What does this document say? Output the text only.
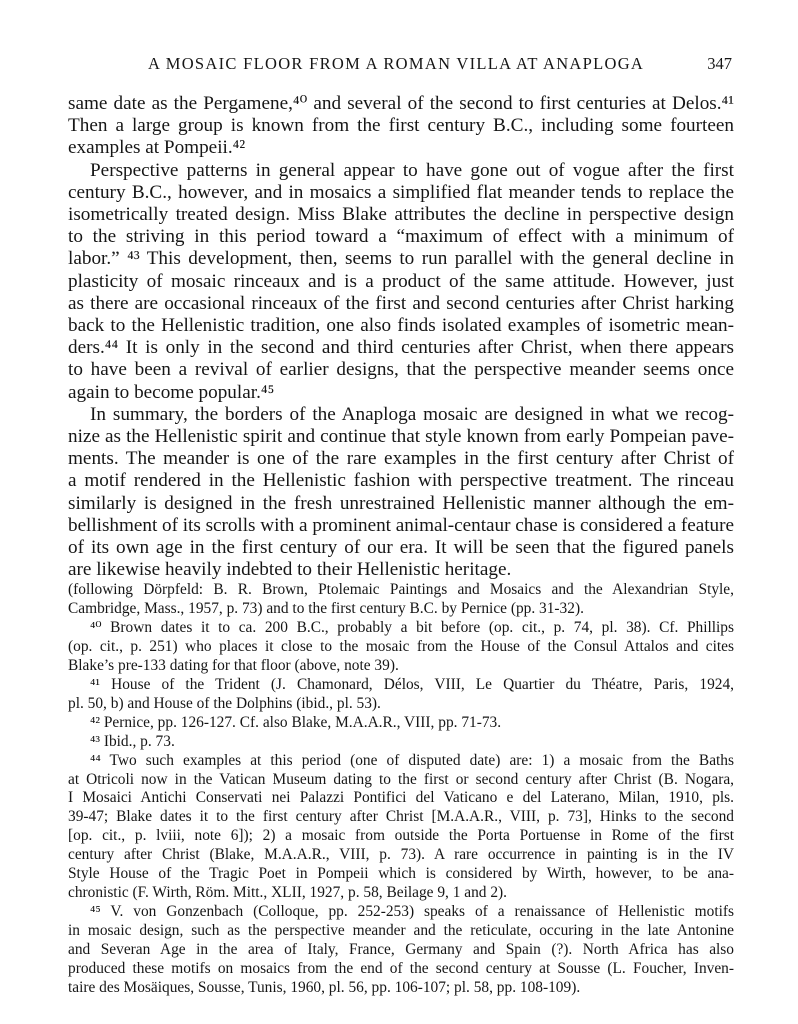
A MOSAIC FLOOR FROM A ROMAN VILLA AT ANAPLOGA	347
same date as the Pergamene,⁴⁰ and several of the second to first centuries at Delos.⁴¹
Then a large group is known from the first century B.C., including some fourteen
examples at Pompeii.⁴²
Perspective patterns in general appear to have gone out of vogue after the first
century B.C., however, and in mosaics a simplified flat meander tends to replace the
isometrically treated design. Miss Blake attributes the decline in perspective design
to the striving in this period toward a “maximum of effect with a minimum of
labor.” ⁴³ This development, then, seems to run parallel with the general decline in
plasticity of mosaic rinceaux and is a product of the same attitude. However, just
as there are occasional rinceaux of the first and second centuries after Christ harking
back to the Hellenistic tradition, one also finds isolated examples of isometric mean-
ders.⁴⁴ It is only in the second and third centuries after Christ, when there appears
to have been a revival of earlier designs, that the perspective meander seems once
again to become popular.⁴⁵
In summary, the borders of the Anaploga mosaic are designed in what we recog-
nize as the Hellenistic spirit and continue that style known from early Pompeian pave-
ments. The meander is one of the rare examples in the first century after Christ of
a motif rendered in the Hellenistic fashion with perspective treatment. The rinceau
similarly is designed in the fresh unrestrained Hellenistic manner although the em-
bellishment of its scrolls with a prominent animal-centaur chase is considered a feature
of its own age in the first century of our era. It will be seen that the figured panels
are likewise heavily indebted to their Hellenistic heritage.
(following Dörpfeld: B. R. Brown, Ptolemaic Paintings and Mosaics and the Alexandrian Style,
Cambridge, Mass., 1957, p. 73) and to the first century B.C. by Pernice (pp. 31-32).
⁴⁰ Brown dates it to ca. 200 B.C., probably a bit before (op. cit., p. 74, pl. 38). Cf. Phillips
(op. cit., p. 251) who places it close to the mosaic from the House of the Consul Attalos and cites
Blake’s pre-133 dating for that floor (above, note 39).
⁴¹ House of the Trident (J. Chamonard, Délos, VIII, Le Quartier du Théatre, Paris, 1924,
pl. 50, b) and House of the Dolphins (ibid., pl. 53).
⁴² Pernice, pp. 126-127. Cf. also Blake, M.A.A.R., VIII, pp. 71-73.
⁴³ Ibid., p. 73.
⁴⁴ Two such examples at this period (one of disputed date) are: 1) a mosaic from the Baths
at Otricoli now in the Vatican Museum dating to the first or second century after Christ (B. Nogara,
I Mosaici Antichi Conservati nei Palazzi Pontifici del Vaticano e del Laterano, Milan, 1910, pls.
39-47; Blake dates it to the first century after Christ [M.A.A.R., VIII, p. 73], Hinks to the second
[op. cit., p. lviii, note 6]); 2) a mosaic from outside the Porta Portuense in Rome of the first
century after Christ (Blake, M.A.A.R., VIII, p. 73). A rare occurrence in painting is in the IV
Style House of the Tragic Poet in Pompeii which is considered by Wirth, however, to be ana-
chronistic (F. Wirth, Röm. Mitt., XLII, 1927, p. 58, Beilage 9, 1 and 2).
⁴⁵ V. von Gonzenbach (Colloque, pp. 252-253) speaks of a renaissance of Hellenistic motifs
in mosaic design, such as the perspective meander and the reticulate, occuring in the late Antonine
and Severan Age in the area of Italy, France, Germany and Spain (?). North Africa has also
produced these motifs on mosaics from the end of the second century at Sousse (L. Foucher, Inven-
taire des Mosäiques, Sousse, Tunis, 1960, pl. 56, pp. 106-107; pl. 58, pp. 108-109).
